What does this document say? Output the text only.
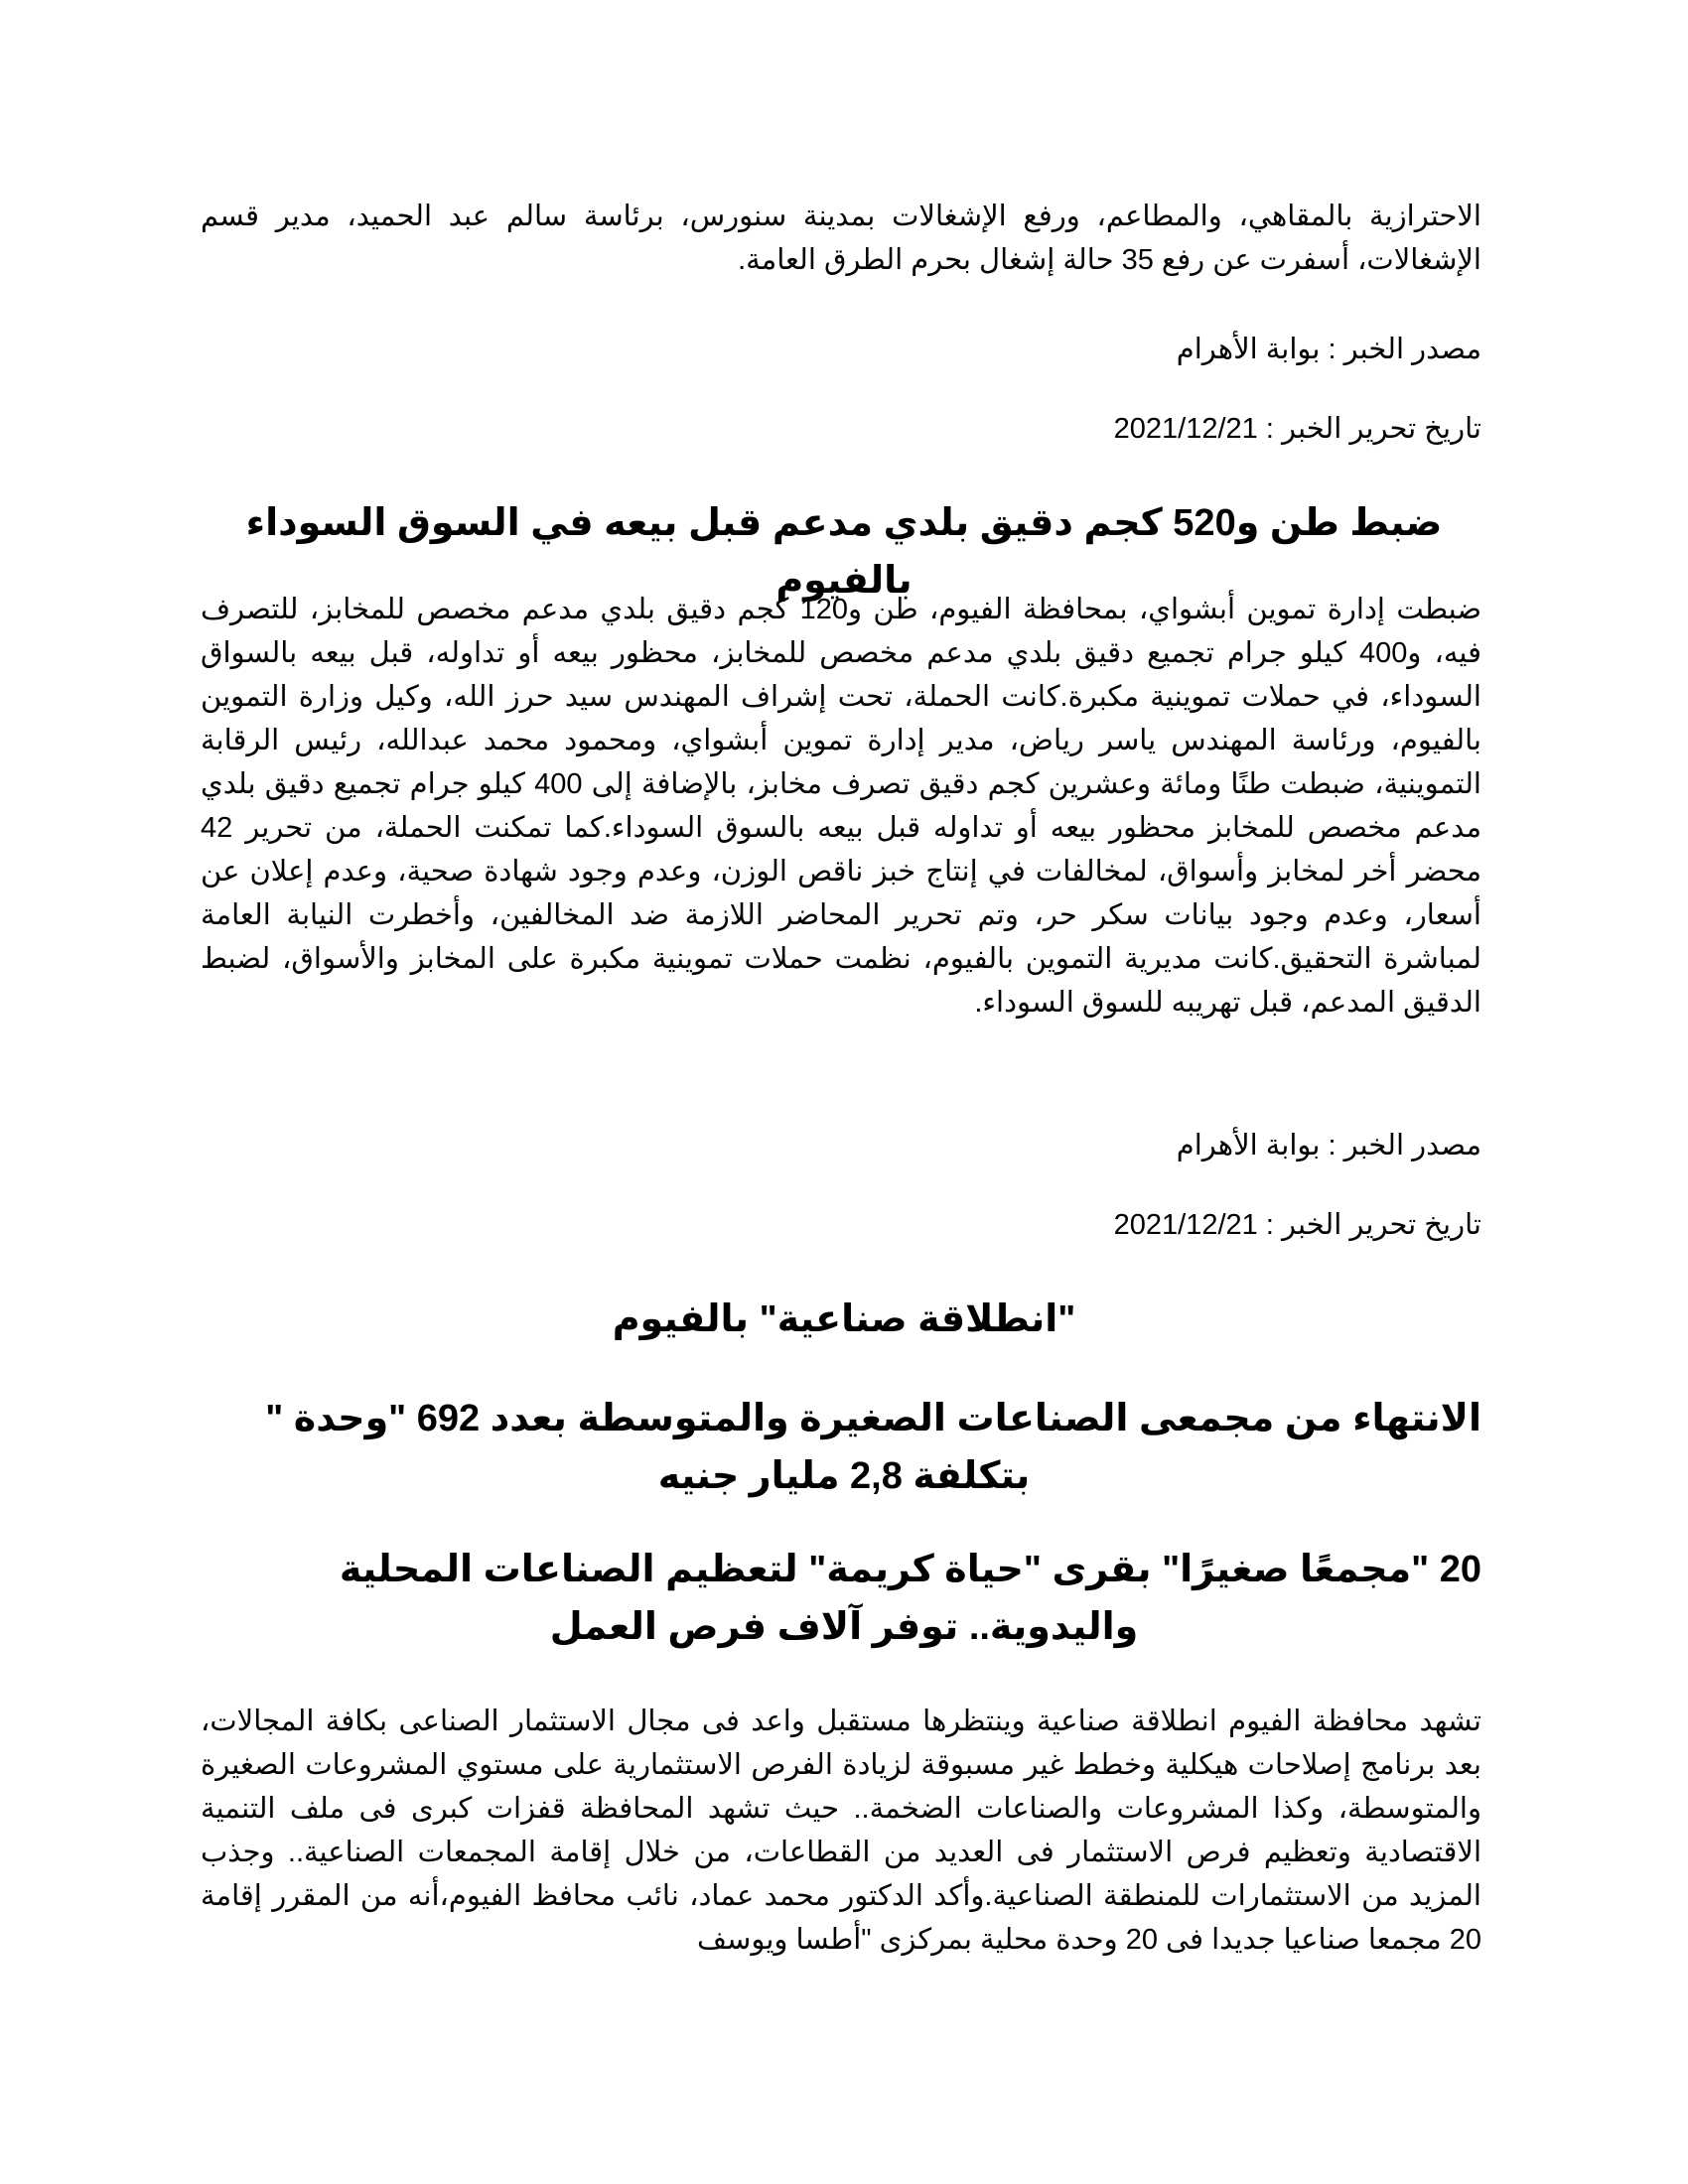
الاحترازية بالمقاهي، والمطاعم، ورفع الإشغالات بمدينة سنورس، برئاسة سالم عبد الحميد، مدير قسم الإشغالات، أسفرت عن رفع 35 حالة إشغال بحرم الطرق العامة.

مصدر الخبر : بوابة الأهرام

تاريخ تحرير الخبر : 2021/12/21

ضبط طن و520 كجم دقيق بلدي مدعم قبل بيعه في السوق السوداء بالفيوم

ضبطت إدارة تموين أبشواي، بمحافظة الفيوم، طن و120 كجم دقيق بلدي مدعم مخصص للمخابز، للتصرف فيه، و400 كيلو جرام تجميع دقيق بلدي مدعم مخصص للمخابز، محظور بيعه أو تداوله، قبل بيعه بالسواق السوداء، في حملات تموينية مكبرة.كانت الحملة، تحت إشراف المهندس سيد حرز الله، وكيل وزارة التموين بالفيوم، ورئاسة المهندس ياسر رياض، مدير إدارة تموين أبشواي، ومحمود محمد عبدالله، رئيس الرقابة التموينية، ضبطت طنًا ومائة وعشرين كجم دقيق تصرف مخابز، بالإضافة إلى 400 كيلو جرام تجميع دقيق بلدي مدعم مخصص للمخابز محظور بيعه أو تداوله قبل بيعه بالسوق السوداء.كما تمكنت الحملة، من تحرير 42 محضر أخر لمخابز وأسواق، لمخالفات في إنتاج خبز ناقص الوزن، وعدم وجود شهادة صحية، وعدم إعلان عن أسعار، وعدم وجود بيانات سكر حر، وتم تحرير المحاضر اللازمة ضد المخالفين، وأخطرت النيابة العامة لمباشرة التحقيق.كانت مديرية التموين بالفيوم، نظمت حملات تموينية مكبرة على المخابز والأسواق، لضبط الدقيق المدعم، قبل تهريبه للسوق السوداء.

مصدر الخبر : بوابة الأهرام

تاريخ تحرير الخبر : 2021/12/21

"انطلاقة صناعية" بالفيوم
الانتهاء من مجمعى الصناعات الصغيرة والمتوسطة بعدد 692 "وحدة " بتكلفة 2,8 مليار جنيه
20 "مجمعًا صغيرًا" بقرى "حياة كريمة" لتعظيم الصناعات المحلية واليدوية.. توفر آلاف فرص العمل

تشهد محافظة الفيوم انطلاقة صناعية وينتظرها مستقبل واعد فى مجال الاستثمار الصناعى بكافة المجالات، بعد برنامج إصلاحات هيكلية وخطط غير مسبوقة لزيادة الفرص الاستثمارية على مستوي المشروعات الصغيرة والمتوسطة، وكذا المشروعات والصناعات الضخمة.. حيث تشهد المحافظة قفزات كبرى فى ملف التنمية الاقتصادية وتعظيم فرص الاستثمار فى العديد من القطاعات، من خلال إقامة المجمعات الصناعية.. وجذب المزيد من الاستثمارات للمنطقة الصناعية.وأكد الدكتور محمد عماد، نائب محافظ الفيوم،أنه من المقرر إقامة 20 مجمعا صناعيا جديدا فى 20 وحدة محلية بمركزى "أطسا ويوسف
